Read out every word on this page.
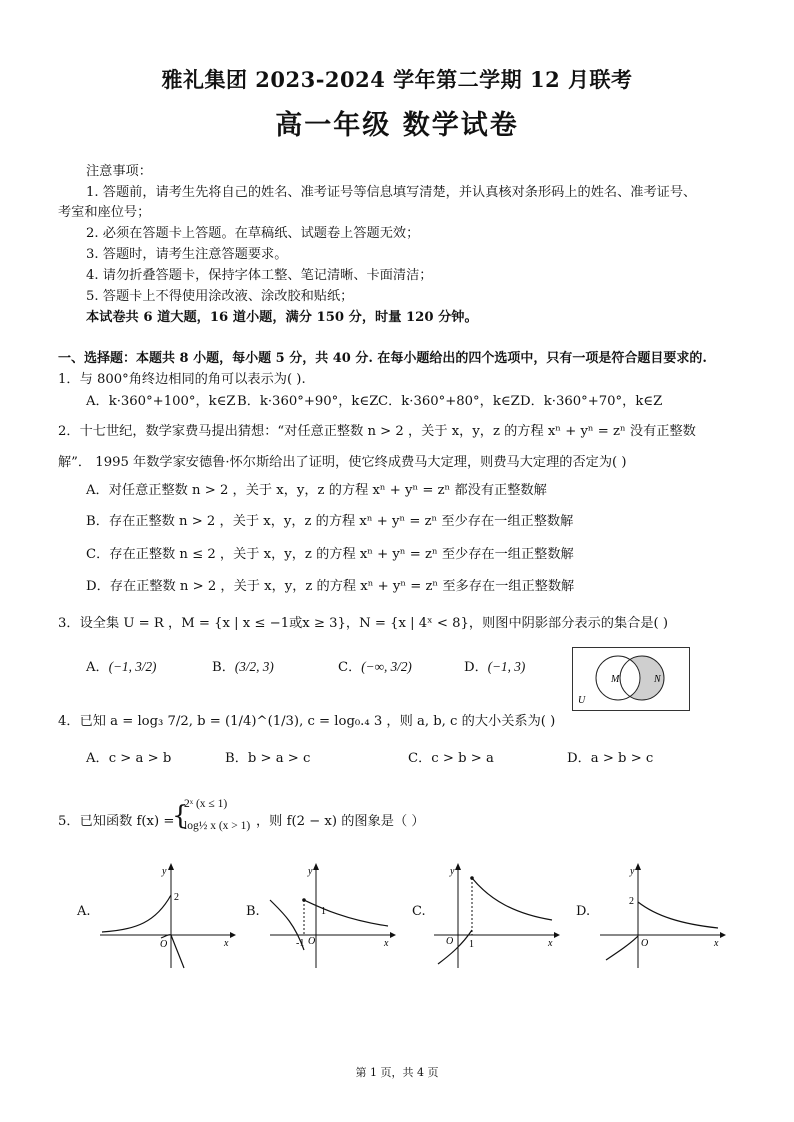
雅礼集团 2023-2024 学年第二学期 12 月联考
高一年级 数学试卷
注意事项：
1. 答题前，请考生先将自己的姓名、准考证号等信息填写清楚，并认真核对条形码上的姓名、准考证号、
考室和座位号；
2. 必须在答题卡上答题。在草稿纸、试题卷上答题无效；
3. 答题时，请考生注意答题要求。
4. 请勿折叠答题卡，保持字体工整、笔记清晰、卡面清洁；
5. 答题卡上不得使用涂改液、涂改胶和贴纸；
本试卷共 6 道大题，16 道小题，满分 150 分，时量 120 分钟。
一、选择题：本题共 8 小题，每小题 5 分，共 40 分. 在每小题给出的四个选项中，只有一项是符合题目要求的.
1．与 800°角终边相同的角可以表示为( ).
A．k·360°+100°，k∈Z B．k·360°+90°，k∈Z C．k·360°+80°，k∈Z D．k·360°+70°，k∈Z
2．十七世纪，数学家费马提出猜想：“对任意正整数 n > 2 ，关于 x，y，z 的方程 xⁿ + yⁿ = zⁿ 没有正整数
解”． 1995 年数学家安德鲁·怀尔斯给出了证明，使它终成费马大定理，则费马大定理的否定为( )
A．对任意正整数 n > 2 ，关于 x，y，z 的方程 xⁿ + yⁿ = zⁿ 都没有正整数解
B．存在正整数 n > 2 ，关于 x，y，z 的方程 xⁿ + yⁿ = zⁿ 至少存在一组正整数解
C．存在正整数 n ≤ 2 ，关于 x，y，z 的方程 xⁿ + yⁿ = zⁿ 至少存在一组正整数解
D．存在正整数 n > 2 ，关于 x，y，z 的方程 xⁿ + yⁿ = zⁿ 至多存在一组正整数解
3．设全集 U = R ，M = {x | x ≤ −1或x ≥ 3}，N = {x | 4ˣ < 8}，则图中阴影部分表示的集合是( )
A．(−1, 3/2)	B．(3/2, 3)	C．(−∞, 3/2)	D．(−1, 3)
M	N
U
4．已知 a = log₃ 7/2, b = (1/4)^(1/3), c = log₀.₄ 3 ，则 a, b, c 的大小关系为( )
A．c > a > b	B．b > a > c	C．c > b > a	D．a > b > c
5．已知函数 f(x) =
{
2ˣ (x ≤ 1)
log½ x (x > 1) ，则 f(2 − x) 的图象是（ ）
A.
y
x
O
2
B.
y
x
O
1
-1
C.
y
x
O 1
D.
y
x
O
2
第 1 页，共 4 页
